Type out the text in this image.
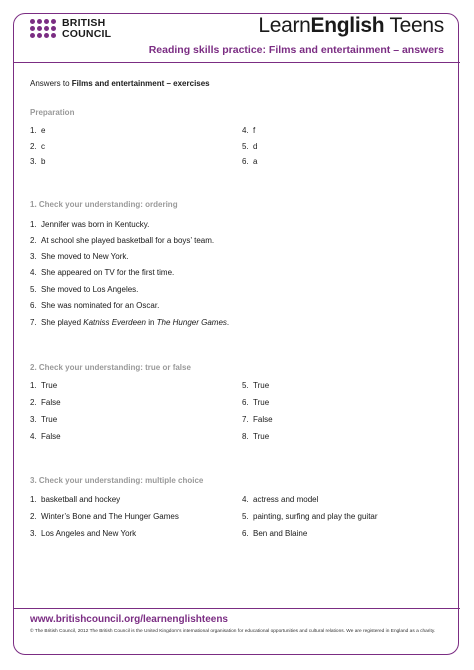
BRITISH
COUNCIL	LearnEnglish Teens
Reading skills practice: Films and entertainment – answers
Answers to Films and entertainment – exercises
Preparation
1. e
2. c
3. b
4. f
5. d
6. a
1. Check your understanding: ordering
1. Jennifer was born in Kentucky.
2. At school she played basketball for a boys’ team.
3. She moved to New York.
4. She appeared on TV for the first time.
5. She moved to Los Angeles.
6. She was nominated for an Oscar.
7. She played Katniss Everdeen in The Hunger Games.
2. Check your understanding: true or false
1. True
2. False
3. True
4. False
5. True
6. True
7. False
8. True
3. Check your understanding: multiple choice
1. basketball and hockey
2. Winter’s Bone and The Hunger Games
3. Los Angeles and New York
4. actress and model
5. painting, surfing and play the guitar
6. Ben and Blaine
www.britishcouncil.org/learnenglishteens
© The British Council, 2012 The British Council is the United Kingdom’s international organisation for educational opportunities and cultural relations. We are registered in England as a charity.
